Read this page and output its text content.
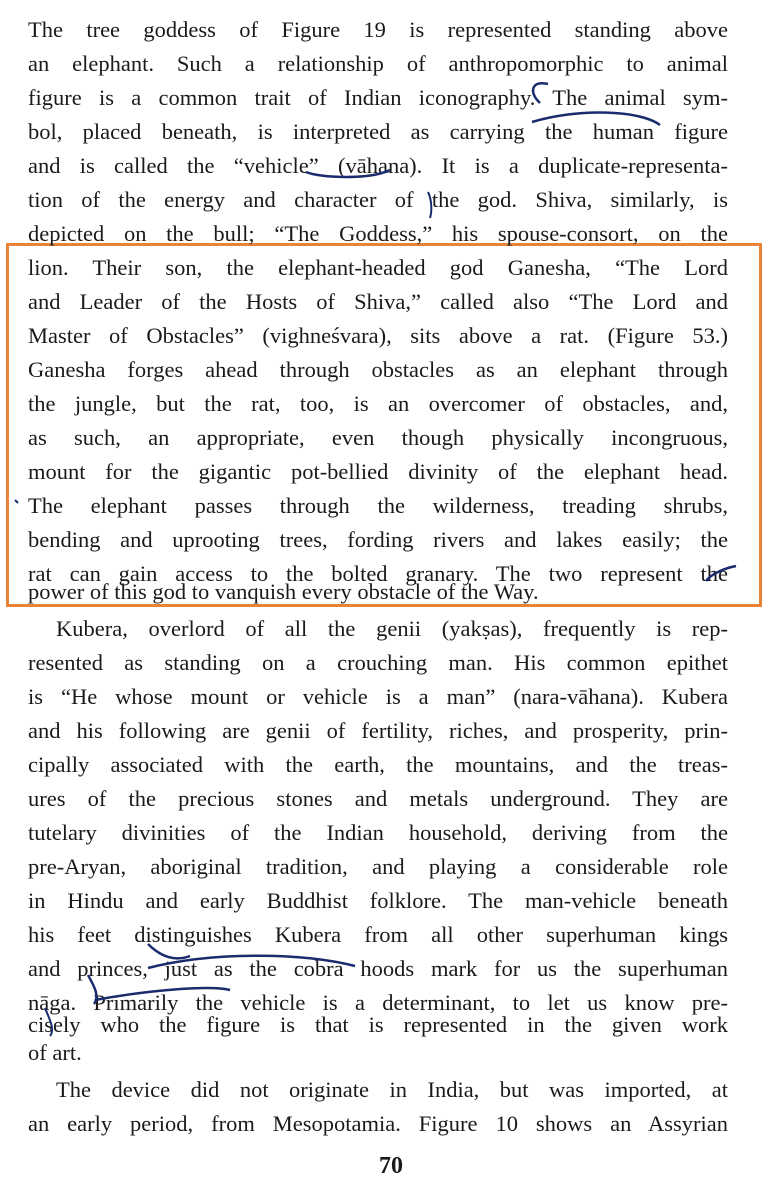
The tree goddess of Figure 19 is represented standing above
an elephant. Such a relationship of anthropomorphic to animal
figure is a common trait of Indian iconography. The animal sym-
bol, placed beneath, is interpreted as carrying the human figure
and is called the “vehicle” (vāhana). It is a duplicate-representa-
tion of the energy and character of the god. Shiva, similarly, is
depicted on the bull; “The Goddess,” his spouse-consort, on the
lion. Their son, the elephant-headed god Ganesha, “The Lord
and Leader of the Hosts of Shiva,” called also “The Lord and
Master of Obstacles” (vighneśvara), sits above a rat. (Figure 53.)
Ganesha forges ahead through obstacles as an elephant through
the jungle, but the rat, too, is an overcomer of obstacles, and,
as such, an appropriate, even though physically incongruous,
mount for the gigantic pot-bellied divinity of the elephant head.
The elephant passes through the wilderness, treading shrubs,
bending and uprooting trees, fording rivers and lakes easily; the
rat can gain access to the bolted granary. The two represent the
power of this god to vanquish every obstacle of the Way.
Kubera, overlord of all the genii (yakṣas), frequently is rep-
resented as standing on a crouching man. His common epithet
is “He whose mount or vehicle is a man” (nara-vāhana). Kubera
and his following are genii of fertility, riches, and prosperity, prin-
cipally associated with the earth, the mountains, and the treas-
ures of the precious stones and metals underground. They are
tutelary divinities of the Indian household, deriving from the
pre-Aryan, aboriginal tradition, and playing a considerable role
in Hindu and early Buddhist folklore. The man-vehicle beneath
his feet distinguishes Kubera from all other superhuman kings
and princes, just as the cobra hoods mark for us the superhuman
nāga. Primarily the vehicle is a determinant, to let us know pre-
cisely who the figure is that is represented in the given work
of art.
The device did not originate in India, but was imported, at
an early period, from Mesopotamia. Figure 10 shows an Assyrian
70
